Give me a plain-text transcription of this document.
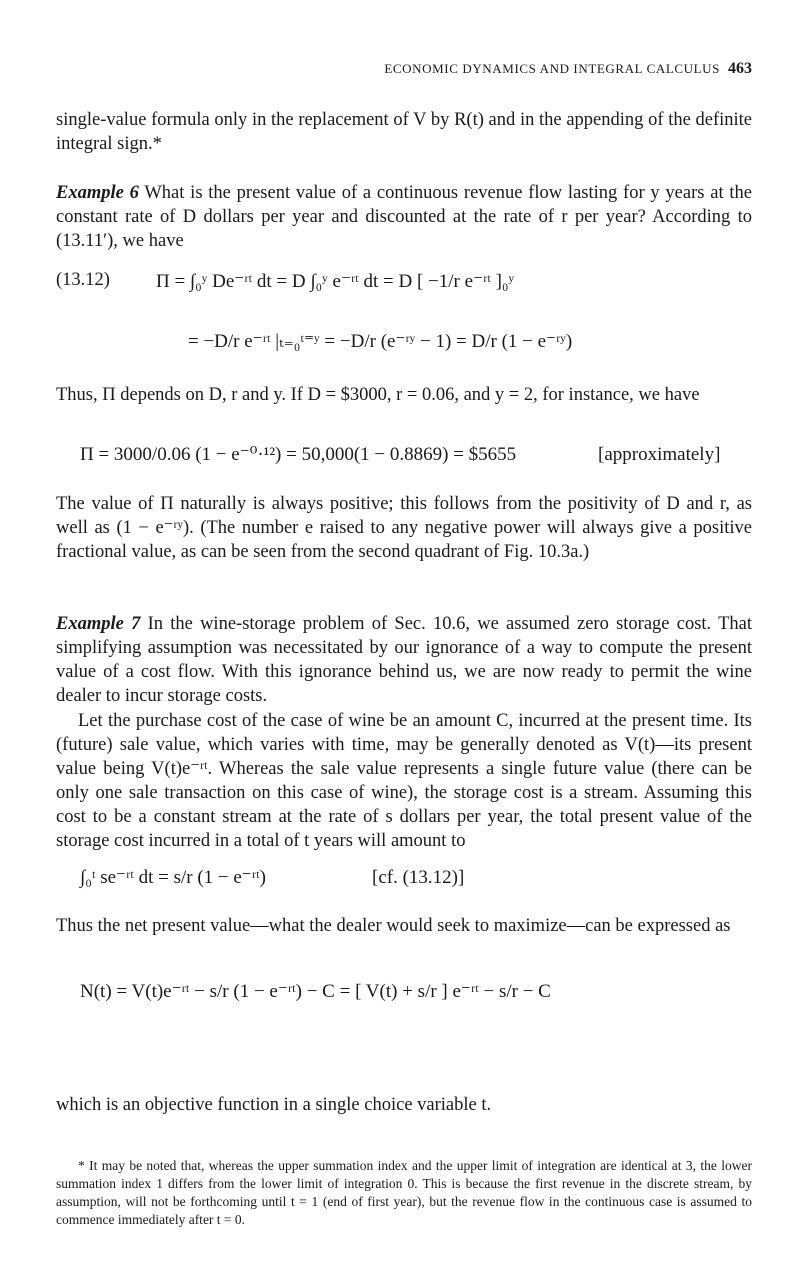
ECONOMIC DYNAMICS AND INTEGRAL CALCULUS 463

single-value formula only in the replacement of V by R(t) and in the appending of the definite integral sign.*

Example 6 What is the present value of a continuous revenue flow lasting for y years at the constant rate of D dollars per year and discounted at the rate of r per year? According to (13.11′), we have

(13.12) Π = ∫₀ʸ De⁻ʳᵗ dt = D ∫₀ʸ e⁻ʳᵗ dt = D [ −1/r e⁻ʳᵗ ]₀ʸ
= −D/r e⁻ʳᵗ |ₜ₌₀ᵗ⁼ʸ = −D/r (e⁻ʳʸ − 1) = D/r (1 − e⁻ʳʸ)

Thus, Π depends on D, r and y. If D = $3000, r = 0.06, and y = 2, for instance, we have

Π = 3000/0.06 (1 − e⁻⁰·¹²) = 50,000(1 − 0.8869) = $5655	[approximately]

The value of Π naturally is always positive; this follows from the positivity of D and r, as well as (1 − e⁻ʳʸ). (The number e raised to any negative power will always give a positive fractional value, as can be seen from the second quadrant of Fig. 10.3a.)

Example 7 In the wine-storage problem of Sec. 10.6, we assumed zero storage cost. That simplifying assumption was necessitated by our ignorance of a way to compute the present value of a cost flow. With this ignorance behind us, we are now ready to permit the wine dealer to incur storage costs.

Let the purchase cost of the case of wine be an amount C, incurred at the present time. Its (future) sale value, which varies with time, may be generally denoted as V(t)—its present value being V(t)e⁻ʳᵗ. Whereas the sale value represents a single future value (there can be only one sale transaction on this case of wine), the storage cost is a stream. Assuming this cost to be a constant stream at the rate of s dollars per year, the total present value of the storage cost incurred in a total of t years will amount to

∫₀ᵗ se⁻ʳᵗ dt = s/r (1 − e⁻ʳᵗ)	[cf. (13.12)]

Thus the net present value—what the dealer would seek to maximize—can be expressed as

N(t) = V(t)e⁻ʳᵗ − s/r (1 − e⁻ʳᵗ) − C = [ V(t) + s/r ] e⁻ʳᵗ − s/r − C

which is an objective function in a single choice variable t.

* It may be noted that, whereas the upper summation index and the upper limit of integration are identical at 3, the lower summation index 1 differs from the lower limit of integration 0. This is because the first revenue in the discrete stream, by assumption, will not be forthcoming until t = 1 (end of first year), but the revenue flow in the continuous case is assumed to commence immediately after t = 0.
